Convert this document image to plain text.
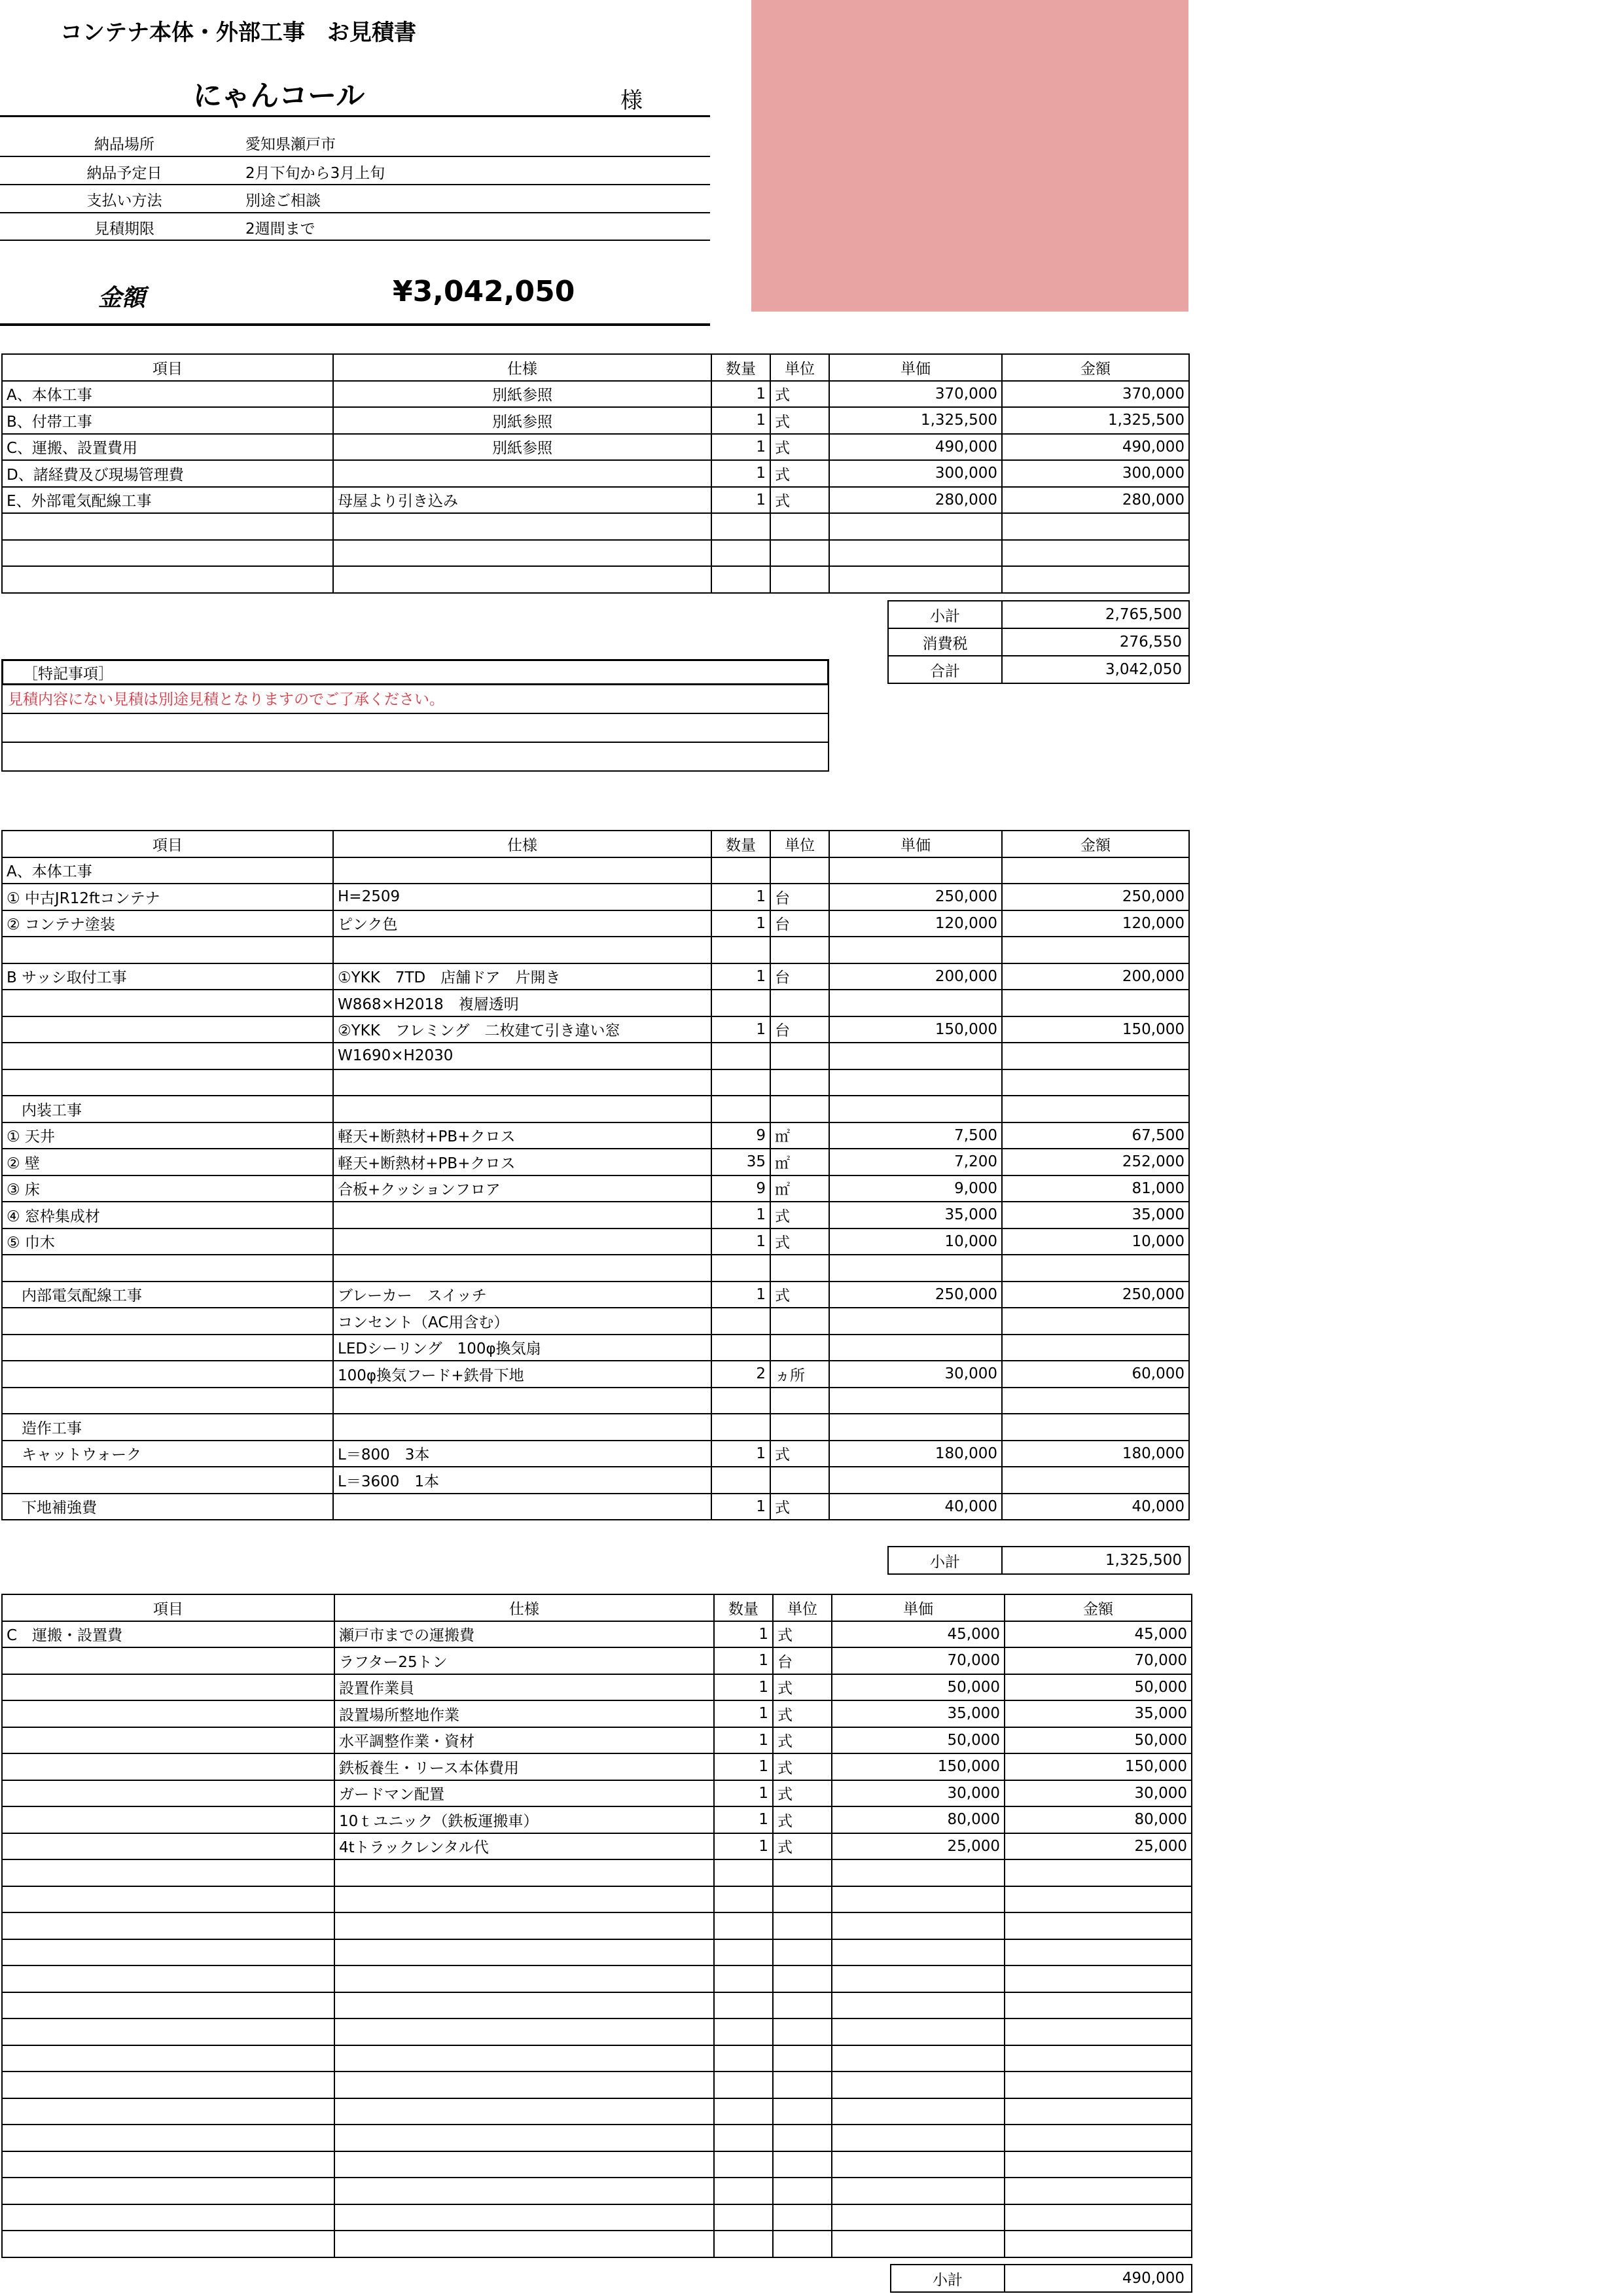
コンテナ本体・外部工事　お見積書
にゃんコール	様
納品場所	愛知県瀬戸市
納品予定日	2月下旬から3月上旬
支払い方法	別途ご相談
見積期限	2週間まで
金額	¥3,042,050
項目	仕様	数量	単位	単価	金額
A、本体工事	別紙参照	1	式	370,000	370,000
B、付帯工事	別紙参照	1	式	1,325,500	1,325,500
C、運搬、設置費用	別紙参照	1	式	490,000	490,000
D、諸経費及び現場管理費		1	式	300,000	300,000
E、外部電気配線工事	母屋より引き込み	1	式	280,000	280,000

小計	2,765,500
消費税	276,550
合計	3,042,050
［特記事項］
見積内容にない見積は別途見積となりますのでご了承ください。
項目	仕様	数量	単位	単価	金額
A、本体工事					
① 中古JR12ftコンテナ	H=2509	1	台	250,000	250,000
② コンテナ塗装	ピンク色	1	台	120,000	120,000

B サッシ取付工事	①YKK　7TD　店舗ドア　片開き	1	台	200,000	200,000
	W868×H2018　複層透明				
	②YKK　フレミング　二枚建て引き違い窓	1	台	150,000	150,000
	W1690×H2030				

　内装工事					
① 天井	軽天+断熱材+PB+クロス	9	㎡	7,500	67,500
② 壁	軽天+断熱材+PB+クロス	35	㎡	7,200	252,000
③ 床	合板+クッションフロア	9	㎡	9,000	81,000
④ 窓枠集成材		1	式	35,000	35,000
⑤ 巾木		1	式	10,000	10,000

　内部電気配線工事	ブレーカー　スイッチ	1	式	250,000	250,000
	コンセント（AC用含む）				
	LEDシーリング　100φ換気扇				
	100φ換気フード+鉄骨下地	2	ヵ所	30,000	60,000

　造作工事					
　キャットウォーク	L＝800　3本	1	式	180,000	180,000
	L＝3600　1本				
　下地補強費		1	式	40,000	40,000
小計	1,325,500
項目	仕様	数量	単位	単価	金額
C　運搬・設置費	瀬戸市までの運搬費	1	式	45,000	45,000
	ラフター25トン	1	台	70,000	70,000
	設置作業員	1	式	50,000	50,000
	設置場所整地作業	1	式	35,000	35,000
	水平調整作業・資材	1	式	50,000	50,000
	鉄板養生・リース本体費用	1	式	150,000	150,000
	ガードマン配置	1	式	30,000	30,000
	10ｔユニック（鉄板運搬車）	1	式	80,000	80,000
	4tトラックレンタル代	1	式	25,000	25,000

小計	490,000
